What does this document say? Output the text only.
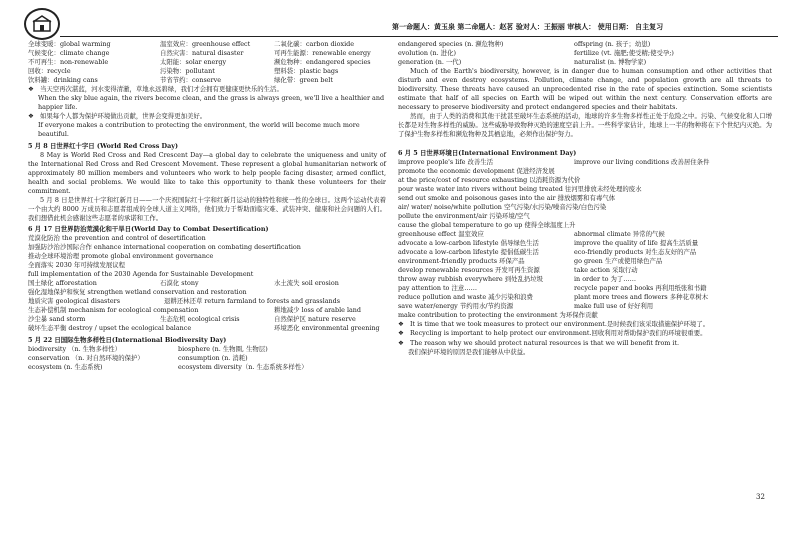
第一命题人：黄玉泉 第二命题人：赵茗 验对人：王振丽 审核人： 使用日期： 自主复习
全球变暖：global warming	温室效应：greenhouse effect	二氧化碳：carbon dioxide
气候变化：climate change	自然灾害：natural disaster	可再生能源：renewable energy
不可再生：non-renewable	太阳能：solar energy	濒危物种：endangered species
回收：recycle	污染物：pollutant	塑料袋：plastic bags
饮料罐：drinking cans	节省节约：conserve	绿化带：green belt
❖ 当天空再次湛蓝，河水变得清澈，草地永远碧绿，我们才会拥有更健康更快乐的生活。
When the sky blue again, the rivers become clean, and the grass is always green, we'll live a healthier and happier life.
❖ 如果每个人都为保护环境做出贡献，世界会变得更加美好。
If everyone makes a contribution to protecting the environment, the world will become much more beautiful.
5 月 8 日世界红十字日 (World Red Cross Day)

8 May is World Red Cross and Red Crescent Day—a global day to celebrate the uniqueness and unity of the International Red Cross and Red Crescent Movement. These represent a global humanitarian network of approximately 80 million members and volunteers who work to help people facing disaster, armed conflict, health and social problems. We would like to take this opportunity to thank these volunteers for their commitment.

5 月 8 日是世界红十字和红新月日——一个庆祝国际红十字和红新月运动的独特性和统一性的全球日。这两个运动代表着一个由大约 8000 万成员和志愿者组成的全球人道主义网络，他们致力于帮助面临灾难、武装冲突、健康和社会问题的人们。我们想借此机会感谢这些志愿者的承诺和工作。

6 月 17 日世界防治荒漠化和干旱日(World Day to Combat Desertification)
荒漠化防治 the prevention and control of desertification
加强防沙治沙国际合作 enhance international cooperation on combating desertification
推动全球环境治理 promote global environment governance
全面落实 2030 年可持续发展议程
full implementation of the 2030 Agenda for Sustainable Development
国土绿化 afforestation	石漠化 stony	水土流失 soil erosion
强化湿地保护和恢复 strengthen wetland conservation and restoration
地质灾害 geological disasters	退耕还林还草 return farmland to forests and grasslands
生态补偿机制 mechanism for ecological compensation	耕地减少 loss of arable land
沙尘暴 sand storm	生态危机 ecological crisis	自然保护区 nature reserve
破坏生态平衡 destroy / upset the ecological balance	环境恶化 environmental greening
5 月 22 日国际生物多样性日(International Biodiversity Day)
biodiversity （n. 生物多样性）	biosphere (n. 生物圈, 生物层)
conservation （n. 对自然环境的保护）	consumption (n. 消耗)
ecosystem (n. 生态系统)	ecosystem diversity（n. 生态系统多样性）
endangered species (n. 濒危物种)	offspring (n. 孩子；幼崽)
evolution (n. 进化)	fertilize (vt. 施肥;使受精;使受孕;)
generation (n. 一代)	naturalist (n. 博物学家)

Much of the Earth's biodiversity, however, is in danger due to human consumption and other activities that disturb and even destroy ecosystems. Pollution, climate change, and population growth are all threats to biodiversity. These threats have caused an unprecedented rise in the rate of species extinction. Some scientists estimate that half of all species on Earth will be wiped out within the next century. Conservation efforts are necessary to preserve biodiversity and protect endangered species and their habitats.

然而，由于人类的消费和其他干扰甚至破坏生态系统的活动，地球的许多生物多样性正处于危险之中。污染、气候变化和人口增长都是对生物多样性的威胁。这些威胁导致物种灭绝的速度空前上升。一些科学家估计，地球上一半的物种将在下个世纪内灭绝。为了保护生物多样性和濒危物种及其栖息地，必须作出保护努力。

6 月 5 日世界环境日(International Environment Day)
improve people's life 改善生活	improve our living conditions 改善居住条件
promote the economic development 促进经济发展
at the price/cost of resource exhausting 以消耗资源为代价
pour waste water into rivers without being treated 往河里排放未经处理的废水
send out smoke and poisonous gases into the air 排放烟雾和有毒气体
air/ water/ noise/white pollution 空气污染/水污染/噪音污染/白色污染
pollute the environment/air 污染环境/空气
cause the global temperature to go up 使得全球温度上升
greenhouse effect 温室效应	abnormal climate 异常的气候
advocate a low-carbon lifestyle 倡导绿色生活	improve the quality of life 提高生活质量
advocate a low-carbon lifestyle 提倡低碳生活	eco-friendly products 对生态友好的产品
environment-friendly products 环保产品	go green 生产或使用绿色产品
develop renewable resources 开发可再生资源	take action 采取行动
throw away rubbish everywhere 到处乱扔垃圾	in order to 为了……
pay attention to 注意……	recycle paper and books 再利用纸张和书籍
reduce pollution and waste 减少污染和浪费	plant more trees and flowers 多种花草树木
save water/energy 节约用水/节约资源	make full use of 好好利用
make contribution to protecting the environment 为环保作贡献
❖ It is time that we took measures to protect our environment.是时候我们该采取措施保护环境了。
❖ Recycling is important to help protect our environment.回收利用对帮助保护我们的环境很重要。
❖ The reason why we should protect natural resources is that we will benefit from it.
我们保护环境的原因是我们能够从中获益。
32
